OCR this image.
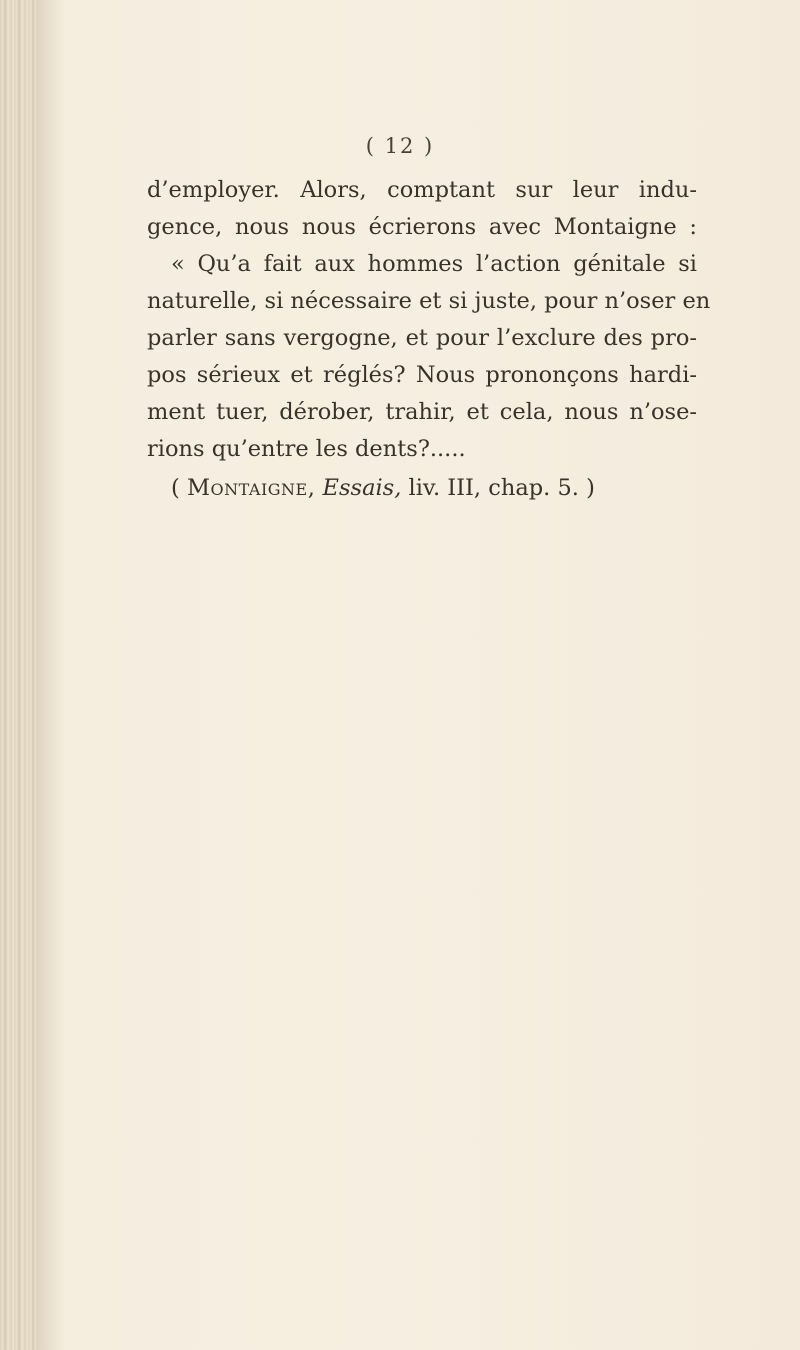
( 12 )
d’employer. Alors, comptant sur leur indu-
gence, nous nous écrierons avec Montaigne :
« Qu’a fait aux hommes l’action génitale si
naturelle, si nécessaire et si juste, pour n’oser en
parler sans vergogne, et pour l’exclure des pro-
pos sérieux et réglés? Nous prononçons hardi-
ment tuer, dérober, trahir, et cela, nous n’ose-
rions qu’entre les dents?.....
( Montaigne, Essais, liv. III, chap. 5. )
